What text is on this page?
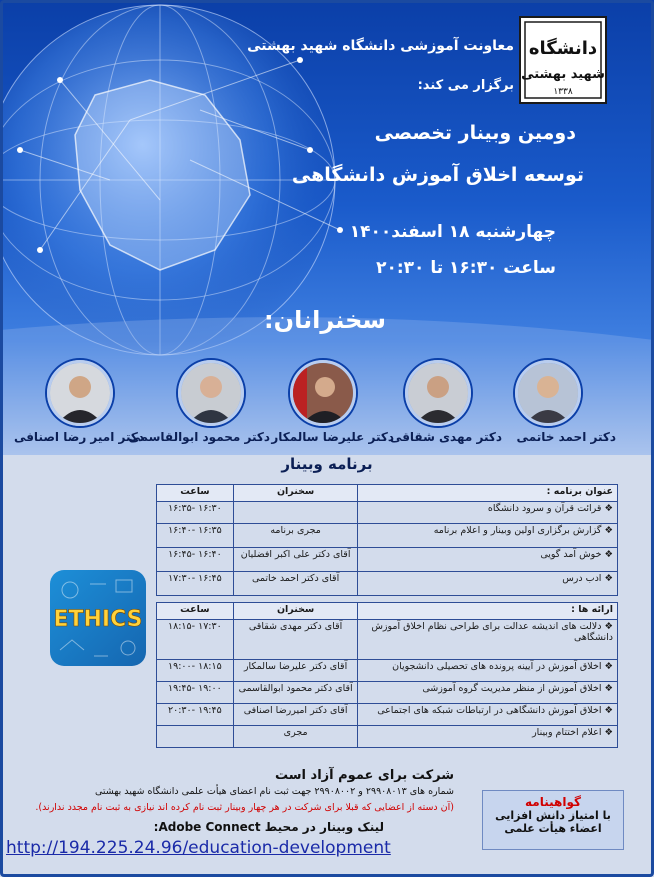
دانشگاه
شهید بهشتی
۱۳۳۸
معاونت آموزشی دانشگاه شهید بهشتی
برگزار می کند:
دومین وبینار تخصصی
توسعه اخلاق آموزش دانشگاهی
چهارشنبه ۱۸ اسفند۱۴۰۰
ساعت ۱۶:۳۰ تا ۲۰:۳۰
سخنرانان:
دکتر احمد خاتمی
دکتر مهدی شقاقی
دکتر علیرضا سالمکار
دکتر محمود ابوالقاسمی
دکتر امیر رضا اصنافی
برنامه وبینار
عنوان برنامه :	سخنران	ساعت
❖ قرائت قرآن و سرود دانشگاه		۱۶:۳۵- ۱۶:۳۰
❖ گزارش برگزاری اولین وبینار و اعلام برنامه	مجری برنامه	۱۶:۴۰- ۱۶:۳۵
❖ خوش آمد گویی	آقای دکتر علی اکبر افضلیان	۱۶:۴۵- ۱۶:۴۰
❖ ادب درس	آقای دکتر احمد خاتمی	۱۷:۳۰- ۱۶:۴۵
ارائه ها :	سخنران	ساعت
❖ دلالت های اندیشه عدالت برای طراحی نظام اخلاق آموزش دانشگاهی	آقای دکتر مهدی شقاقی	۱۸:۱۵- ۱۷:۳۰
❖ اخلاق آموزش در آیینه پرونده های تحصیلی دانشجویان	آقای دکتر علیرضا سالمکار	۱۹:۰۰- ۱۸:۱۵
❖ اخلاق آموزش از منظر مدیریت گروه آموزشی	آقای دکتر محمود ابوالقاسمی	۱۹:۴۵- ۱۹:۰۰
❖ اخلاق آموزش دانشگاهی در ارتباطات شبکه های اجتماعی	آقای دکتر امیررضا اصنافی	۲۰:۳۰- ۱۹:۴۵
❖ اعلام اختتام وبینار	مجری	
ETHICS
شرکت برای عموم آزاد است
شماره های ۲۹۹۰۸۰۱۳ و ۲۹۹۰۸۰۰۲ جهت ثبت نام اعضای هیأت علمی دانشگاه شهید بهشتی
(آن دسته از اعضایی که قبلا برای شرکت در هر چهار وبینار ثبت نام کرده اند نیازی به ثبت نام مجدد ندارند).
لینک وبینار در محیط Adobe Connect:
http://194.225.24.96/education-development
گواهینامه
با امتیاز دانش افزایی
اعضاء هیأت علمی
